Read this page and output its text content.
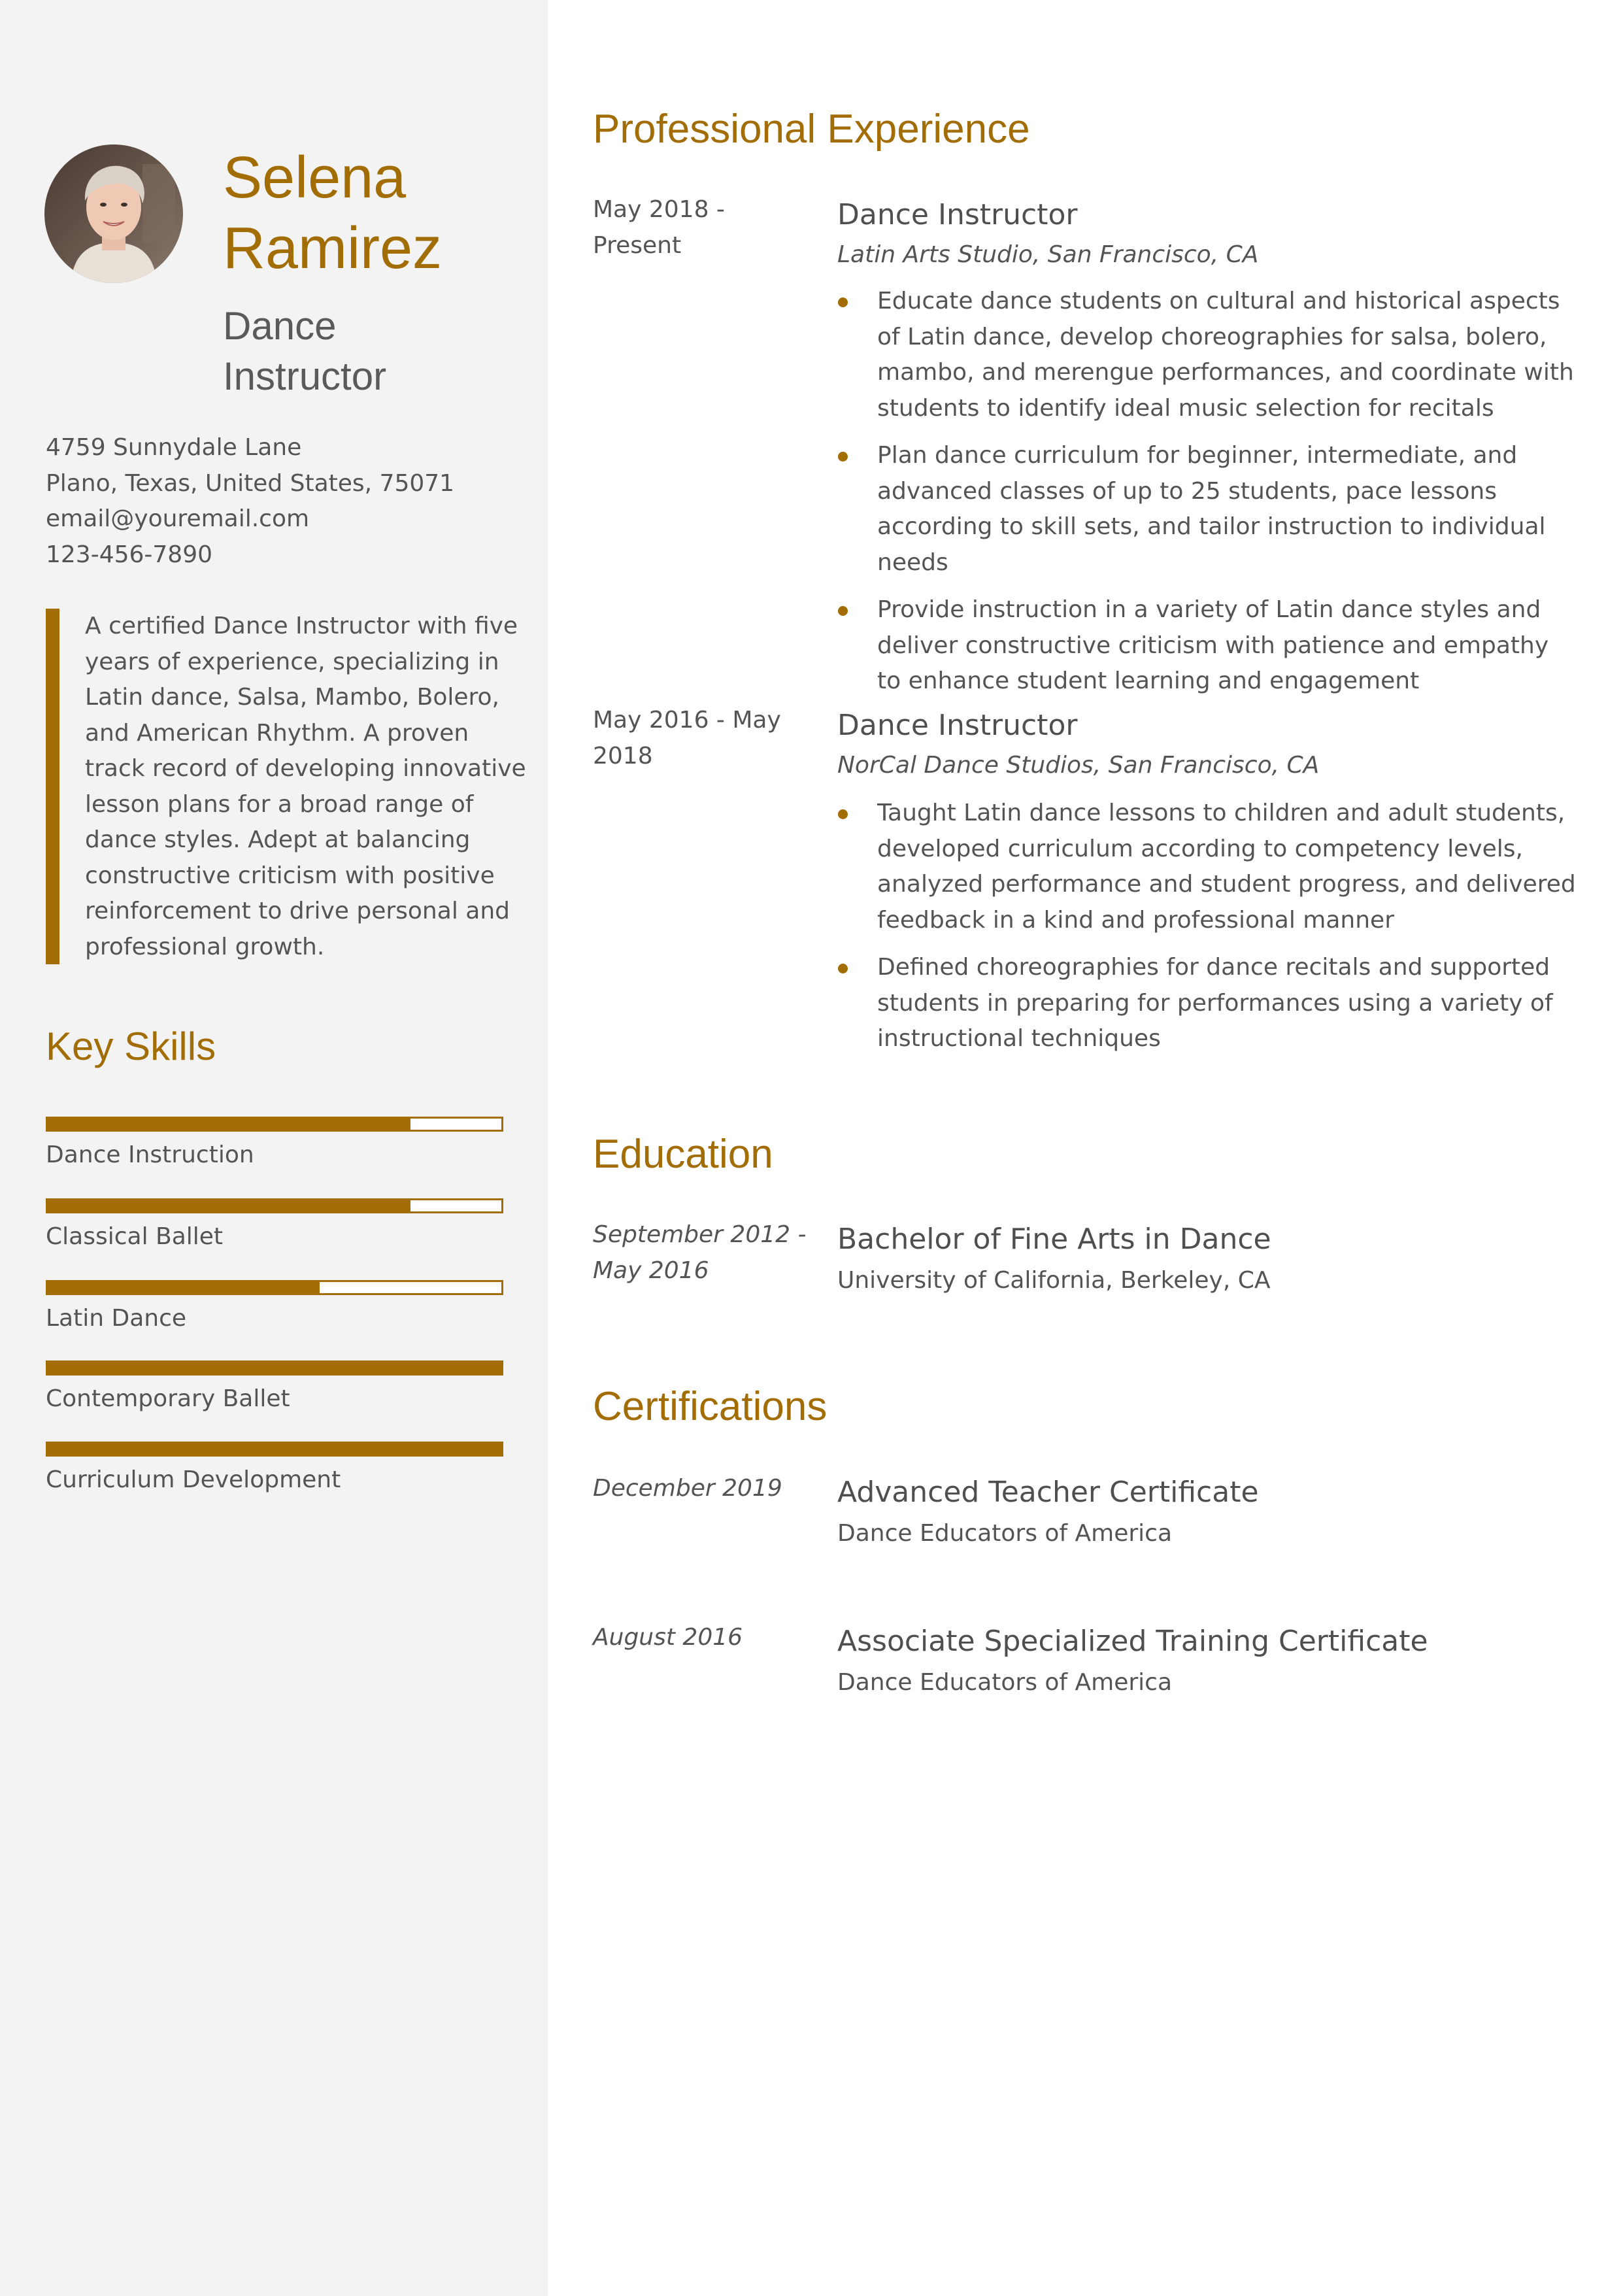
Selena Ramirez
Dance Instructor
4759 Sunnydale Lane
Plano, Texas, United States, 75071
email@youremail.com
123-456-7890
A certified Dance Instructor with five years of experience, specializing in Latin dance, Salsa, Mambo, Bolero, and American Rhythm. A proven track record of developing innovative lesson plans for a broad range of dance styles. Adept at balancing constructive criticism with positive reinforcement to drive personal and professional growth.
Key Skills
Dance Instruction
Classical Ballet
Latin Dance
Contemporary Ballet
Curriculum Development
Professional Experience
May 2018 - Present
Dance Instructor
Latin Arts Studio, San Francisco, CA
Educate dance students on cultural and historical aspects of Latin dance, develop choreographies for salsa, bolero, mambo, and merengue performances, and coordinate with students to identify ideal music selection for recitals
Plan dance curriculum for beginner, intermediate, and advanced classes of up to 25 students, pace lessons according to skill sets, and tailor instruction to individual needs
Provide instruction in a variety of Latin dance styles and deliver constructive criticism with patience and empathy to enhance student learning and engagement
May 2016 - May 2018
Dance Instructor
NorCal Dance Studios, San Francisco, CA
Taught Latin dance lessons to children and adult students, developed curriculum according to competency levels, analyzed performance and student progress, and delivered feedback in a kind and professional manner
Defined choreographies for dance recitals and supported students in preparing for performances using a variety of instructional techniques
Education
September 2012 - May 2016
Bachelor of Fine Arts in Dance
University of California, Berkeley, CA
Certifications
December 2019	Advanced Teacher Certificate
Dance Educators of America
August 2016	Associate Specialized Training Certificate
Dance Educators of America
